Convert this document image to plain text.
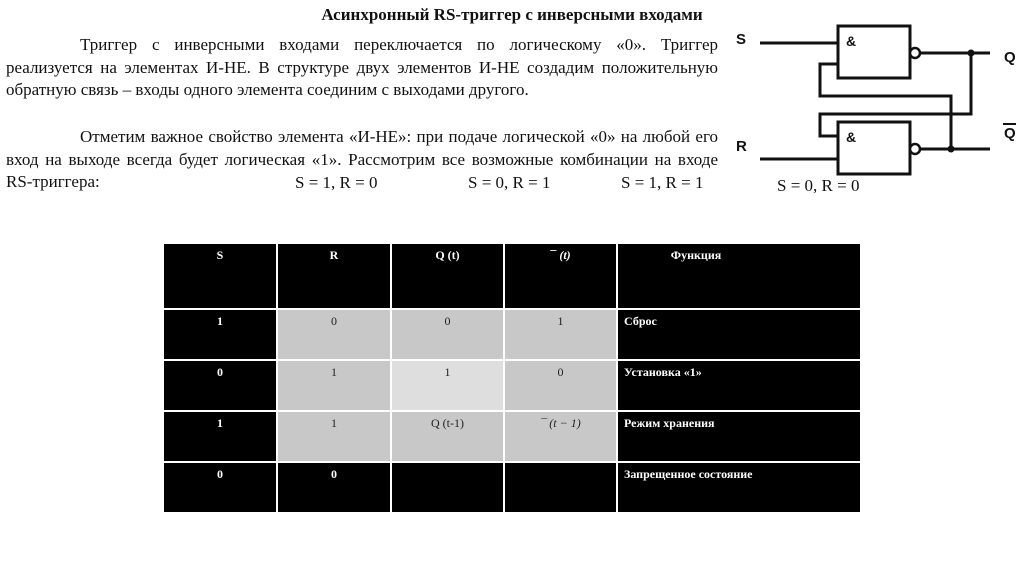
Асинхронный RS-триггер с инверсными входами
Триггер с инверсными входами переключается по логическому «0». Триггер реализуется на элементах И-НЕ. В структуре двух элементов И-НЕ создадим положительную обратную связь – входы одного элемента соединим с выходами другого.
Отметим важное свойство элемента «И-НЕ»: при подаче логической «0» на любой его вход на выходе всегда будет логическая «1». Рассмотрим все возможные комбинации на входе RS-триггера:	S = 1, R = 0	S = 0, R = 1	S = 1, R = 1	S = 0, R = 0
&
&
S
R
Q
Q
S	R	Q (t)	¯ (t)	Функция
1	0	0	1	Сброс
0	1	1	0	Установка «1»
1	1	Q (t-1)	¯ (t − 1)	Режим хранения
0	0			Запрещенное состояние
